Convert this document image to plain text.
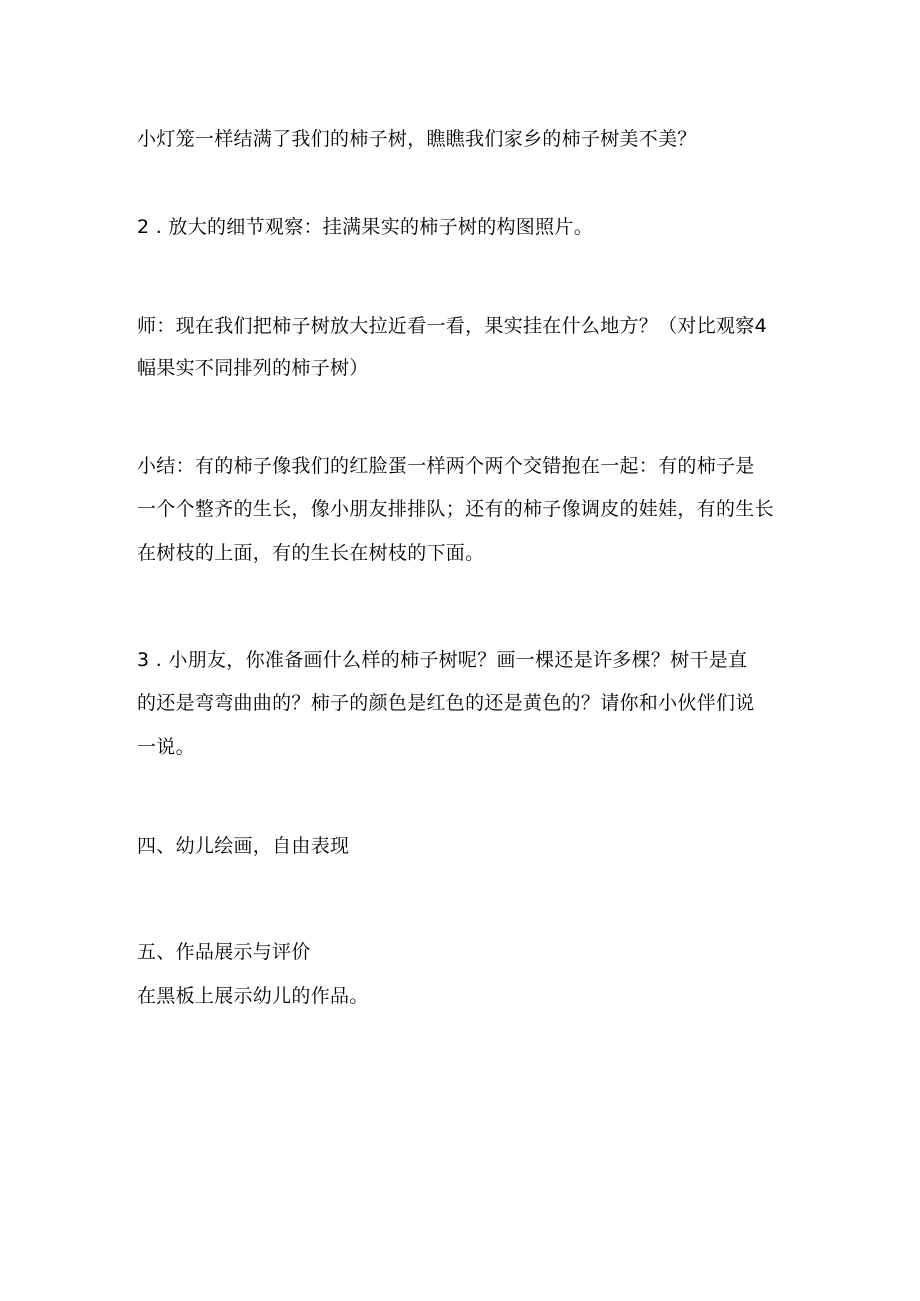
小灯笼一样结满了我们的柿子树，瞧瞧我们家乡的柿子树美不美？
2 . 放大的细节观察：挂满果实的柿子树的构图照片。
师：现在我们把柿子树放大拉近看一看，果实挂在什么地方？（对比观察4
幅果实不同排列的柿子树）
小结：有的柿子像我们的红脸蛋一样两个两个交错抱在一起：有的柿子是
一个个整齐的生长，像小朋友排排队；还有的柿子像调皮的娃娃，有的生长
在树枝的上面，有的生长在树枝的下面。
3 . 小朋友，你准备画什么样的柿子树呢？画一棵还是许多棵？树干是直
的还是弯弯曲曲的？柿子的颜色是红色的还是黄色的？请你和小伙伴们说
一说。
四、幼儿绘画，自由表现
五、作品展示与评价
在黑板上展示幼儿的作品。
